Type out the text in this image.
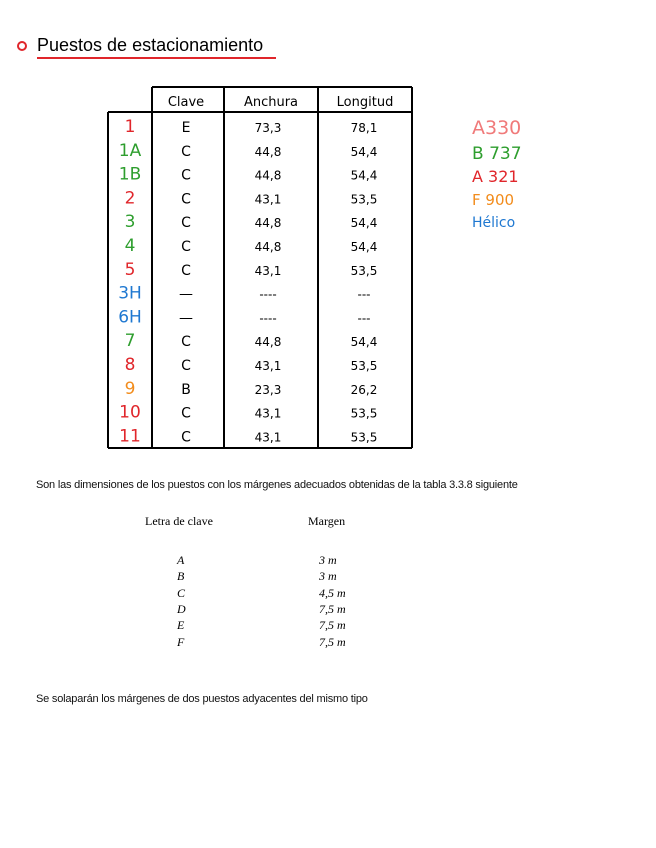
Puestos de estacionamiento
Clave	Anchura	Longitud
1	E	73,3	78,1
1A	C	44,8	54,4
1B	C	44,8	54,4
2	C	43,1	53,5
3	C	44,8	54,4
4	C	44,8	54,4
5	C	43,1	53,5
3H	—	----	---
6H	—	----	---
7	C	44,8	54,4
8	C	43,1	53,5
9	B	23,3	26,2
10	C	43,1	53,5
11	C	43,1	53,5
A330
B 737
A 321
F 900
Hélico
Son las dimensiones de los puestos con los márgenes adecuados obtenidas de la tabla 3.3.8 siguiente
Letra de clave	Margen
A	3 m
B	3 m
C	4,5 m
D	7,5 m
E	7,5 m
F	7,5 m
Se solaparán los márgenes de dos puestos adyacentes del mismo tipo
